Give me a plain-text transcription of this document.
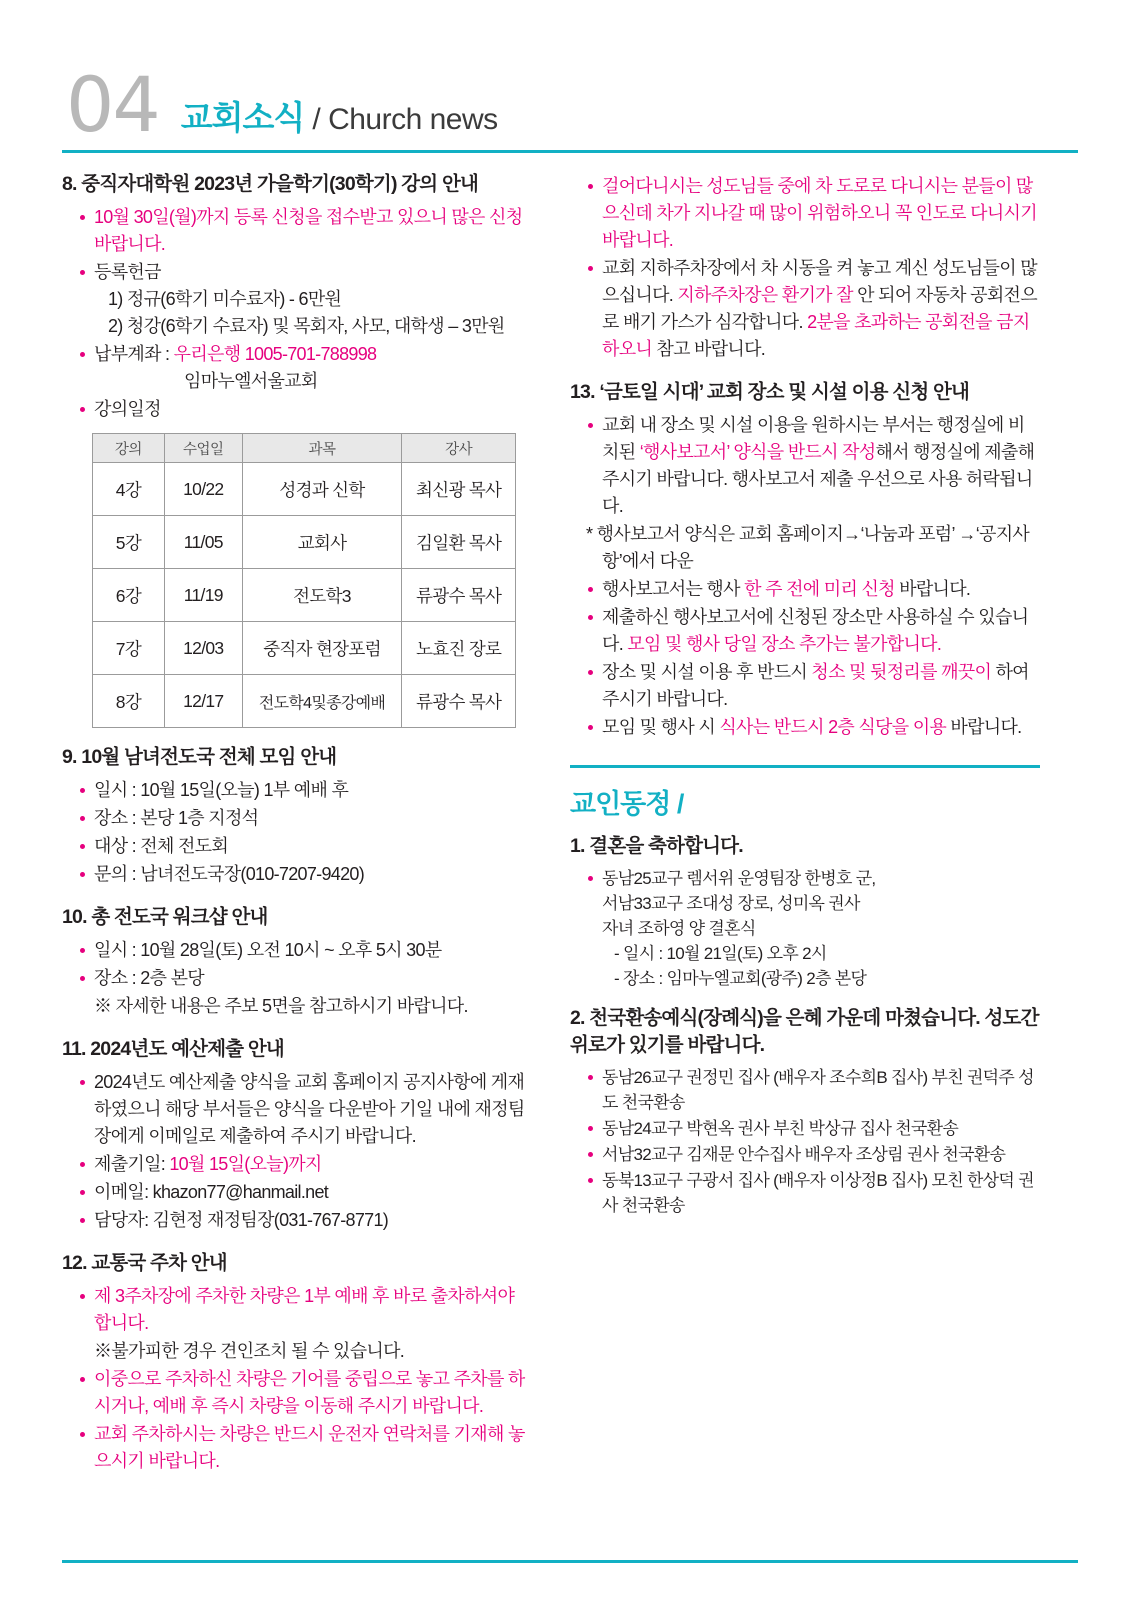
04 교회소식 / Church news
8. 중직자대학원 2023년 가을학기(30학기) 강의 안내
10월 30일(월)까지 등록 신청을 접수받고 있으니 많은 신청 바랍니다.
등록헌금
1) 정규(6학기 미수료자) - 6만원
2) 청강(6학기 수료자) 및 목회자, 사모, 대학생 – 3만원
납부계좌 : 우리은행 1005-701-788998
임마누엘서울교회
강의일정
강의	수업일	과목	강사
4강	10/22	성경과 신학	최신광 목사
5강	11/05	교회사	김일환 목사
6강	11/19	전도학3	류광수 목사
7강	12/03	중직자 현장포럼	노효진 장로
8강	12/17	전도학4및종강예배	류광수 목사
9. 10월 남녀전도국 전체 모임 안내
일시 : 10월 15일(오늘) 1부 예배 후
장소 : 본당 1층 지정석
대상 : 전체 전도회
문의 : 남녀전도국장(010-7207-9420)
10. 총 전도국 워크샵 안내
일시 : 10월 28일(토) 오전 10시 ~ 오후 5시 30분
장소 : 2층 본당
※ 자세한 내용은 주보 5면을 참고하시기 바랍니다.
11. 2024년도 예산제출 안내
2024년도 예산제출 양식을 교회 홈페이지 공지사항에 게재하였으니 해당 부서들은 양식을 다운받아 기일 내에 재정팀장에게 이메일로 제출하여 주시기 바랍니다.
제출기일: 10월 15일(오늘)까지
이메일: khazon77@hanmail.net
담당자: 김현정 재정팀장(031-767-8771)
12. 교통국 주차 안내
제 3주차장에 주차한 차량은 1부 예배 후 바로 출차하셔야 합니다.
※불가피한 경우 견인조치 될 수 있습니다.
이중으로 주차하신 차량은 기어를 중립으로 놓고 주차를 하시거나, 예배 후 즉시 차량을 이동해 주시기 바랍니다.
교회 주차하시는 차량은 반드시 운전자 연락처를 기재해 놓으시기 바랍니다.
걸어다니시는 성도님들 중에 차 도로로 다니시는 분들이 많으신데 차가 지나갈 때 많이 위험하오니 꼭 인도로 다니시기 바랍니다.
교회 지하주차장에서 차 시동을 켜 놓고 계신 성도님들이 많으십니다. 지하주차장은 환기가 잘 안 되어 자동차 공회전으로 배기 가스가 심각합니다. 2분을 초과하는 공회전을 금지하오니 참고 바랍니다.
13. ‘금토일 시대’ 교회 장소 및 시설 이용 신청 안내
교회 내 장소 및 시설 이용을 원하시는 부서는 행정실에 비치된 ‘행사보고서’ 양식을 반드시 작성해서 행정실에 제출해 주시기 바랍니다. 행사보고서 제출 우선으로 사용 허락됩니다.
* 행사보고서 양식은 교회 홈페이지→‘나눔과 포럼’ →‘공지사항’에서 다운
행사보고서는 행사 한 주 전에 미리 신청 바랍니다.
제출하신 행사보고서에 신청된 장소만 사용하실 수 있습니다. 모임 및 행사 당일 장소 추가는 불가합니다.
장소 및 시설 이용 후 반드시 청소 및 뒷정리를 깨끗이 하여주시기 바랍니다.
모임 및 행사 시 식사는 반드시 2층 식당을 이용 바랍니다.
교인동정 /
1. 결혼을 축하합니다.
동남25교구 렘서위 운영팀장 한병호 군,
서남33교구 조대성 장로, 성미옥 권사
자녀 조하영 양 결혼식
- 일시 : 10월 21일(토) 오후 2시
- 장소 : 임마누엘교회(광주) 2층 본당
2. 천국환송예식(장례식)을 은혜 가운데 마쳤습니다. 성도간 위로가 있기를 바랍니다.
동남26교구 권정민 집사 (배우자 조수희B 집사) 부친 권덕주 성도 천국환송
동남24교구 박현옥 권사 부친 박상규 집사 천국환송
서남32교구 김재문 안수집사 배우자 조상림 권사 천국환송
동북13교구 구광서 집사 (배우자 이상정B 집사) 모친 한상덕 권사 천국환송
